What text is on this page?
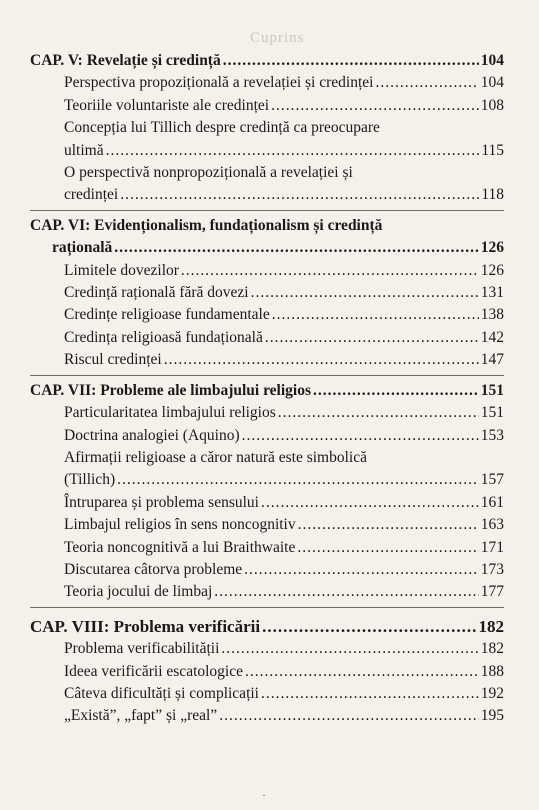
Cuprins
CAP. V: Revelație și credință .....	104
Perspectiva propozițională a revelației și credinței .....	104
Teoriile voluntariste ale credinței .....	108
Concepția lui Tillich despre credință ca preocupare
ultimă .....	115
O perspectivă nonpropozițională a revelației și
credinței .....	118
CAP. VI: Evidenționalism, fundaționalism și credință
rațională .....	126
Limitele dovezilor .....	126
Credință rațională fără dovezi .....	131
Credințe religioase fundamentale .....	138
Credința religioasă fundațională .....	142
Riscul credinței .....	147
CAP. VII: Probleme ale limbajului religios .....	151
Particularitatea limbajului religios .....	151
Doctrina analogiei (Aquino) .....	153
Afirmații religioase a căror natură este simbolică
(Tillich) .....	157
Întruparea și problema sensului .....	161
Limbajul religios în sens noncognitiv .....	163
Teoria noncognitivă a lui Braithwaite .....	171
Discutarea câtorva probleme .....	173
Teoria jocului de limbaj .....	177
CAP. VIII: Problema verificării .....	182
Problema verificabilității .....	182
Ideea verificării escatologice .....	188
Câteva dificultăți și complicații .....	192
„Există”, „fapt” și „real” .....	195
·
